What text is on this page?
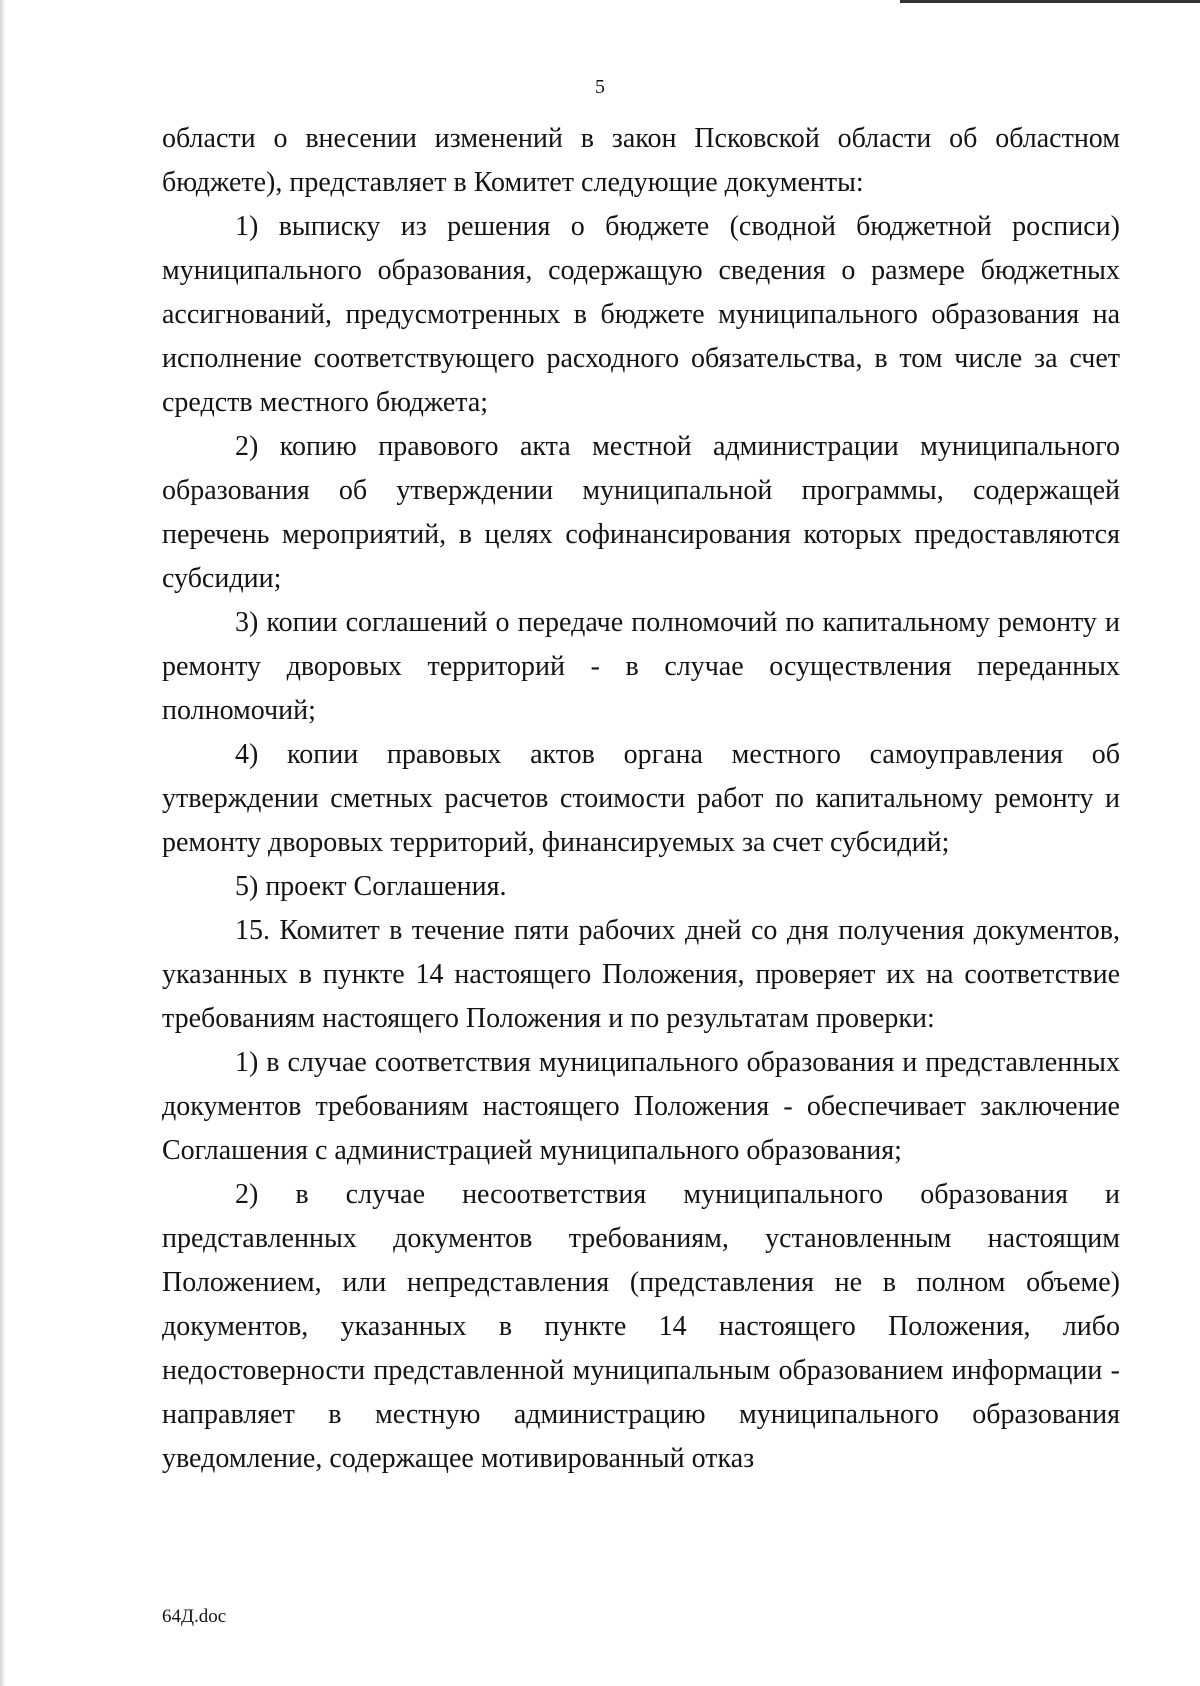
5

области о внесении изменений в закон Псковской области об областном бюджете), представляет в Комитет следующие документы:

1) выписку из решения о бюджете (сводной бюджетной росписи) муниципального образования, содержащую сведения о размере бюджетных ассигнований, предусмотренных в бюджете муниципального образования на исполнение соответствующего расходного обязательства, в том числе за счет средств местного бюджета;

2) копию правового акта местной администрации муниципального образования об утверждении муниципальной программы, содержащей перечень мероприятий, в целях софинансирования которых предоставляются субсидии;

3) копии соглашений о передаче полномочий по капитальному ремонту и ремонту дворовых территорий - в случае осуществления переданных полномочий;

4) копии правовых актов органа местного самоуправления об утверждении сметных расчетов стоимости работ по капитальному ремонту и ремонту дворовых территорий, финансируемых за счет субсидий;

5) проект Соглашения.

15. Комитет в течение пяти рабочих дней со дня получения документов, указанных в пункте 14 настоящего Положения, проверяет их на соответствие требованиям настоящего Положения и по результатам проверки:

1) в случае соответствия муниципального образования и представленных документов требованиям настоящего Положения - обеспечивает заключение Соглашения с администрацией муниципального образования;

2) в случае несоответствия муниципального образования и представленных документов требованиям, установленным настоящим Положением, или непредставления (представления не в полном объеме) документов, указанных в пункте 14 настоящего Положения, либо недостоверности представленной муниципальным образованием информации - направляет в местную администрацию муниципального образования уведомление, содержащее мотивированный отказ

64Д.doc
